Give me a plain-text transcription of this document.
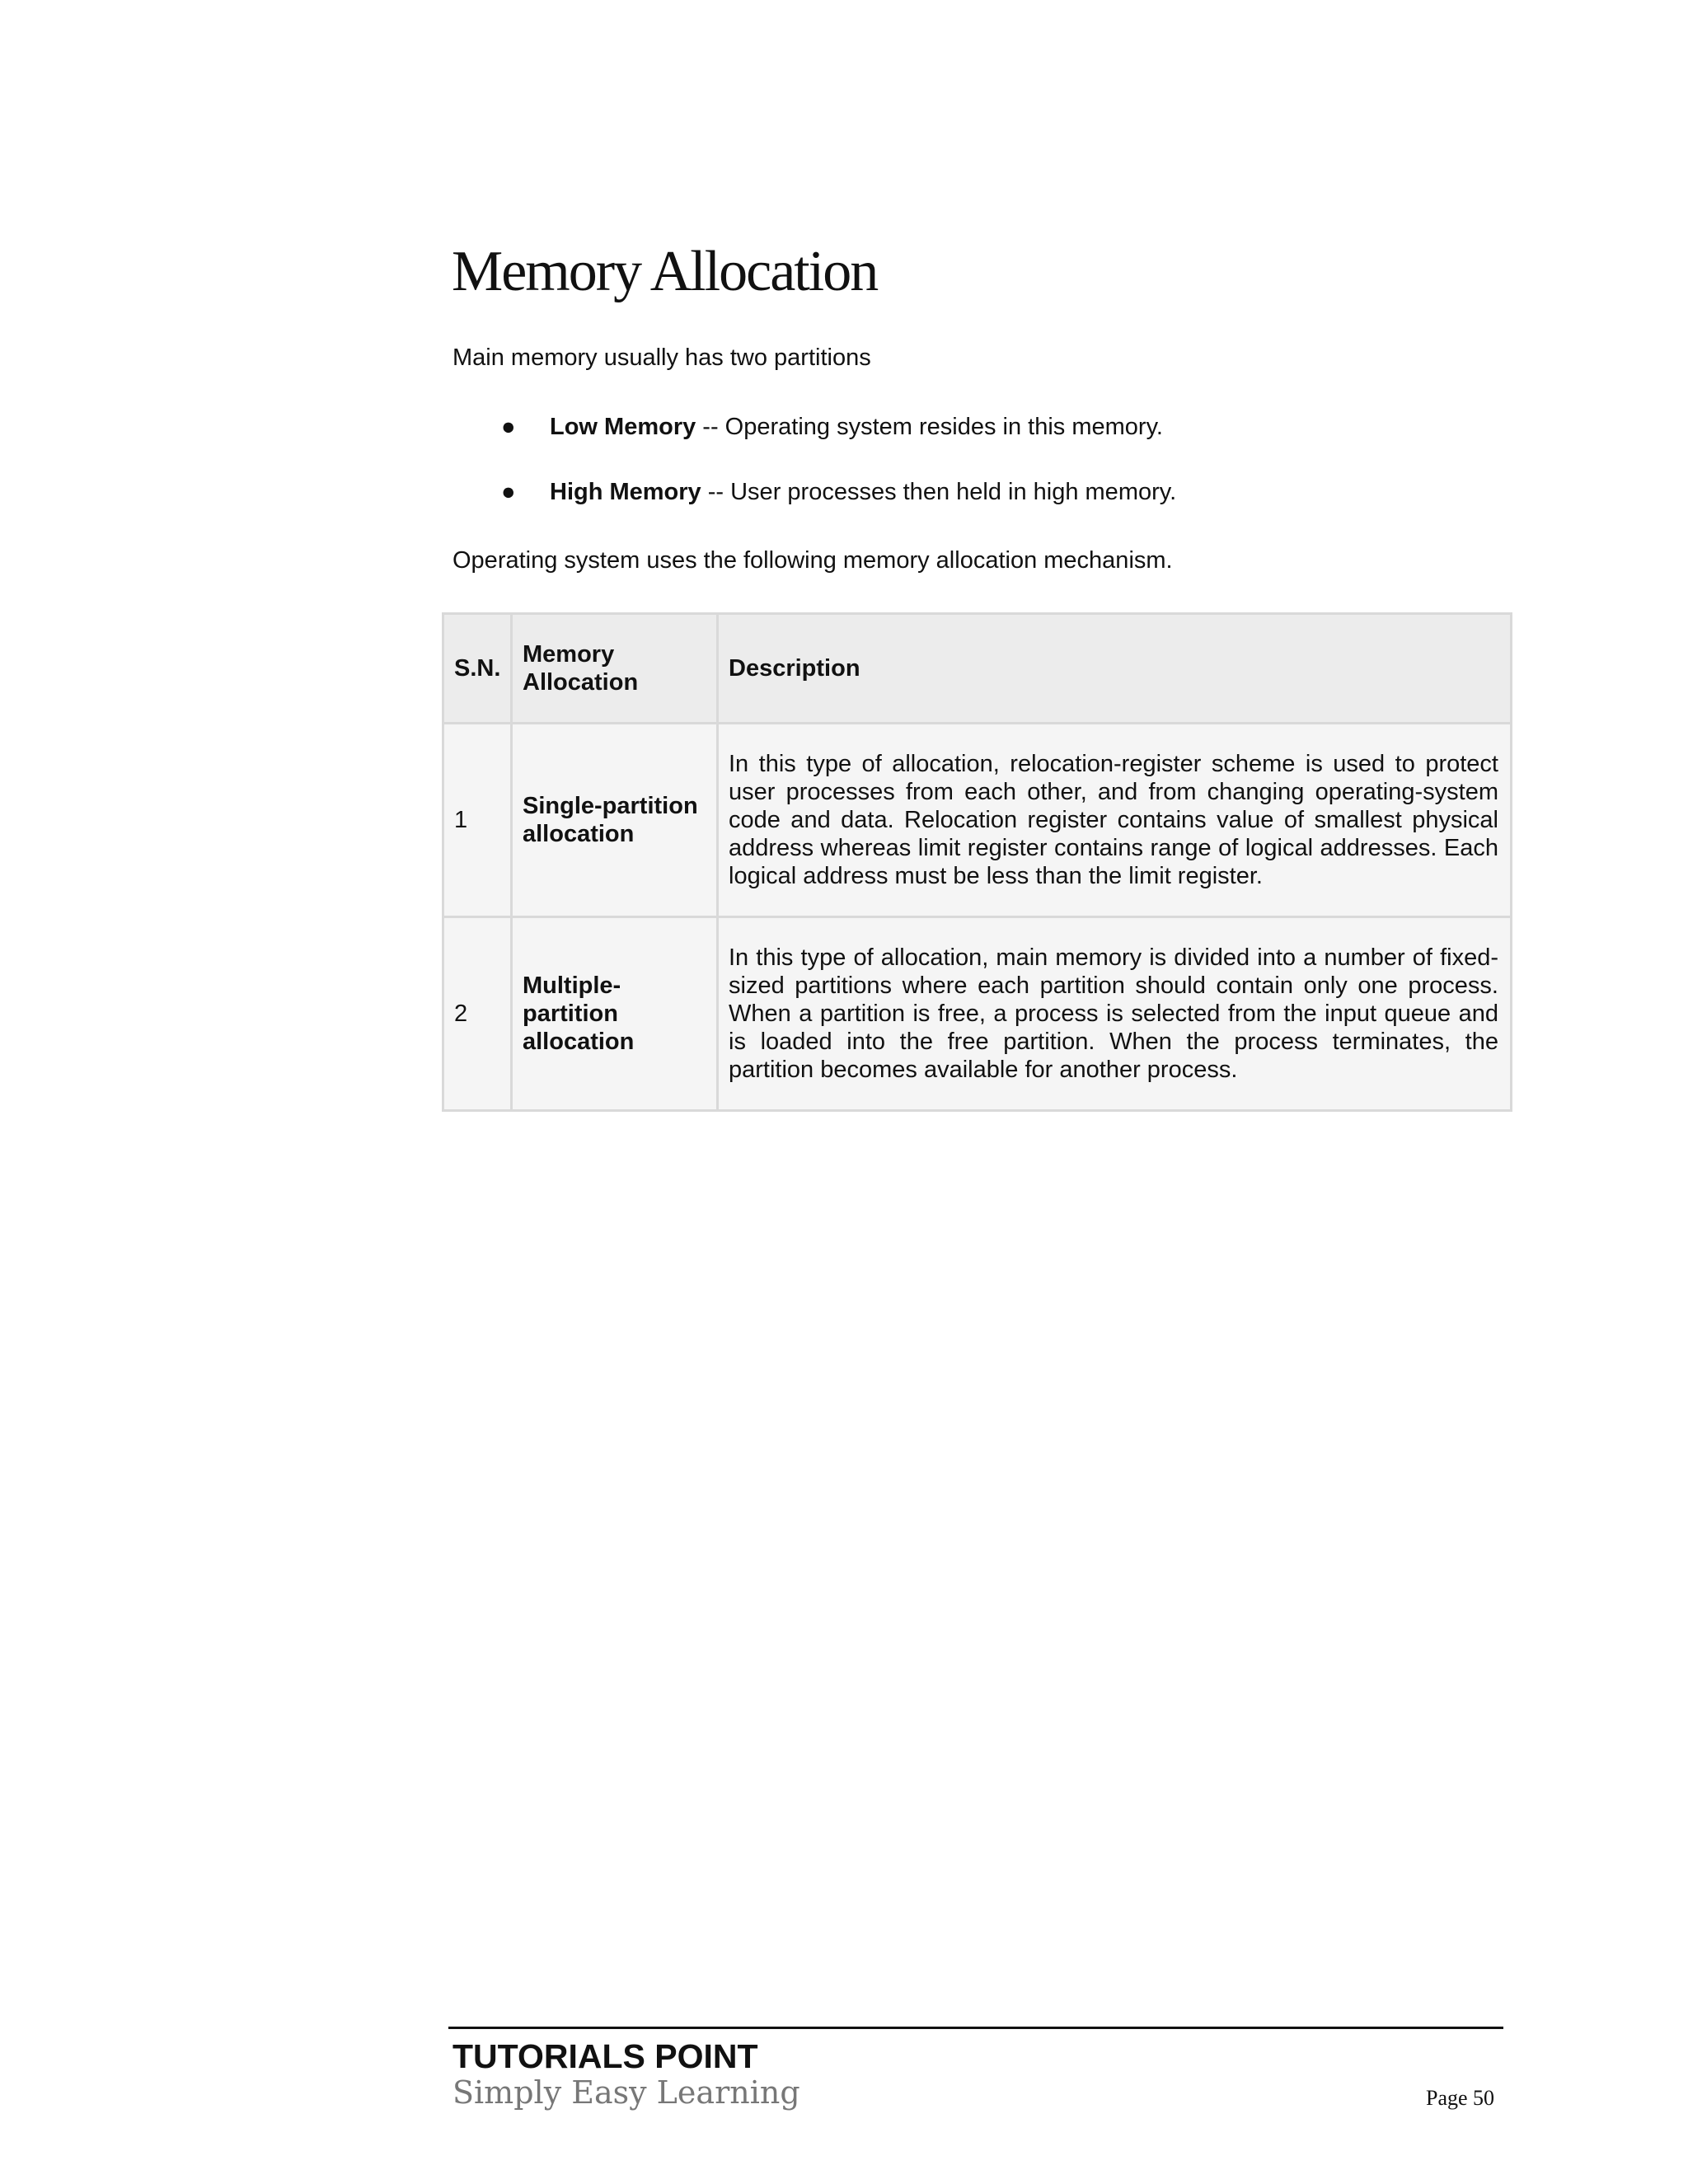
Memory Allocation

Main memory usually has two partitions

● Low Memory -- Operating system resides in this memory.
● High Memory -- User processes then held in high memory.

Operating system uses the following memory allocation mechanism.

S.N.	Memory Allocation	Description
1	Single-partition allocation	In this type of allocation, relocation-register scheme is used to protect user processes from each other, and from changing operating-system code and data. Relocation register contains value of smallest physical address whereas limit register contains range of logical addresses. Each logical address must be less than the limit register.
2	Multiple-partition allocation	In this type of allocation, main memory is divided into a number of fixed-sized partitions where each partition should contain only one process. When a partition is free, a process is selected from the input queue and is loaded into the free partition. When the process terminates, the partition becomes available for another process.
TUTORIALS POINT
Simply Easy Learning	Page 50
